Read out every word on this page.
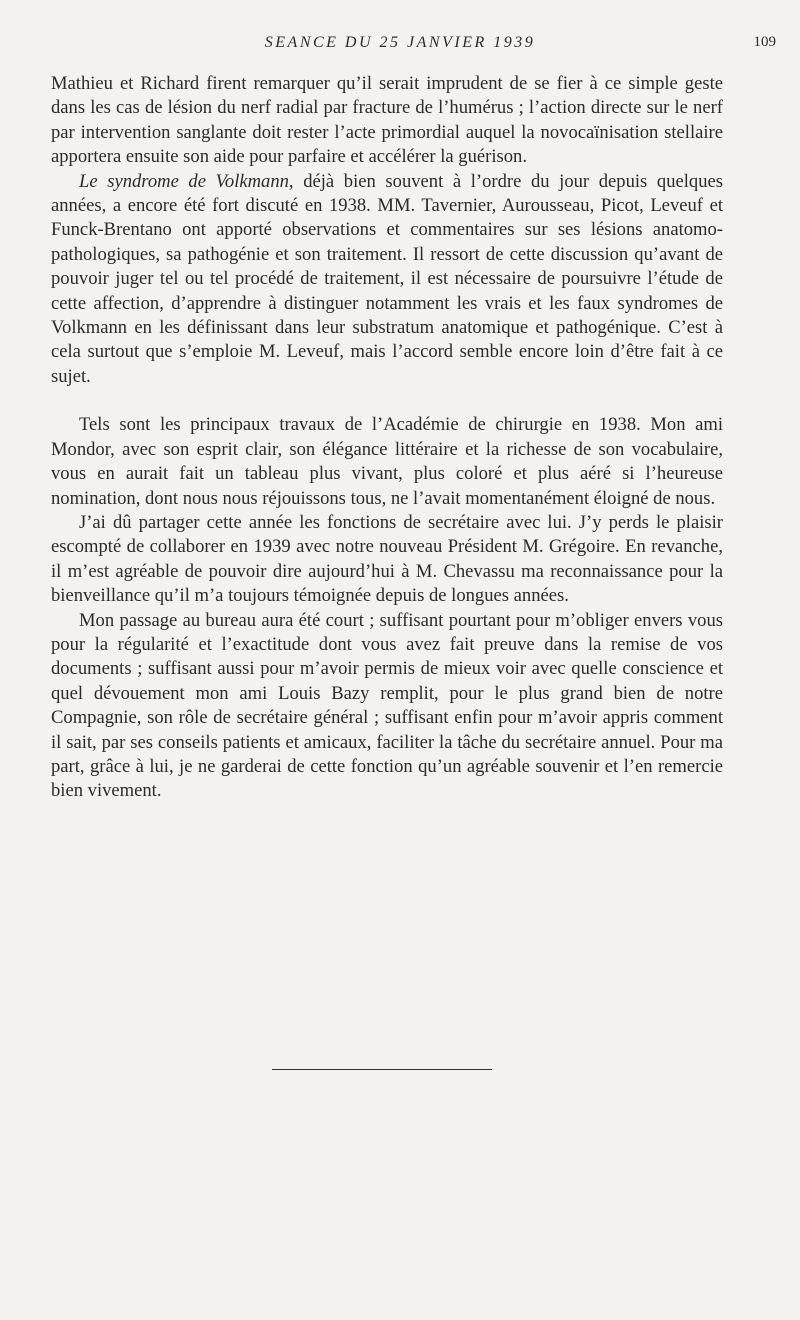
SEANCE DU 25 JANVIER 1939	109

Mathieu et Richard firent remarquer qu’il serait imprudent de se fier à ce simple geste dans les cas de lésion du nerf radial par fracture de l’humérus ; l’action directe sur le nerf par intervention sanglante doit rester l’acte primordial auquel la novocaïnisation stellaire apportera ensuite son aide pour parfaire et accélérer la guérison.

Le syndrome de Volkmann, déjà bien souvent à l’ordre du jour depuis quelques années, a encore été fort discuté en 1938. MM. Tavernier, Aurousseau, Picot, Leveuf et Funck-Brentano ont apporté observations et commentaires sur ses lésions anatomo-pathologiques, sa pathogénie et son traitement. Il ressort de cette discussion qu’avant de pouvoir juger tel ou tel procédé de traitement, il est nécessaire de poursuivre l’étude de cette affection, d’apprendre à distinguer notamment les vrais et les faux syndromes de Volkmann en les définissant dans leur substratum anatomique et pathogénique. C’est à cela surtout que s’emploie M. Leveuf, mais l’accord semble encore loin d’être fait à ce sujet.

Tels sont les principaux travaux de l’Académie de chirurgie en 1938. Mon ami Mondor, avec son esprit clair, son élégance littéraire et la richesse de son vocabulaire, vous en aurait fait un tableau plus vivant, plus coloré et plus aéré si l’heureuse nomination, dont nous nous réjouissons tous, ne l’avait momentanément éloigné de nous.

J’ai dû partager cette année les fonctions de secrétaire avec lui. J’y perds le plaisir escompté de collaborer en 1939 avec notre nouveau Président M. Grégoire. En revanche, il m’est agréable de pouvoir dire aujourd’hui à M. Chevassu ma reconnaissance pour la bienveillance qu’il m’a toujours témoignée depuis de longues années.

Mon passage au bureau aura été court ; suffisant pourtant pour m’obliger envers vous pour la régularité et l’exactitude dont vous avez fait preuve dans la remise de vos documents ; suffisant aussi pour m’avoir permis de mieux voir avec quelle conscience et quel dévouement mon ami Louis Bazy remplit, pour le plus grand bien de notre Compagnie, son rôle de secrétaire général ; suffisant enfin pour m’avoir appris comment il sait, par ses conseils patients et amicaux, faciliter la tâche du secrétaire annuel. Pour ma part, grâce à lui, je ne garderai de cette fonction qu’un agréable souvenir et l’en remercie bien vivement.
